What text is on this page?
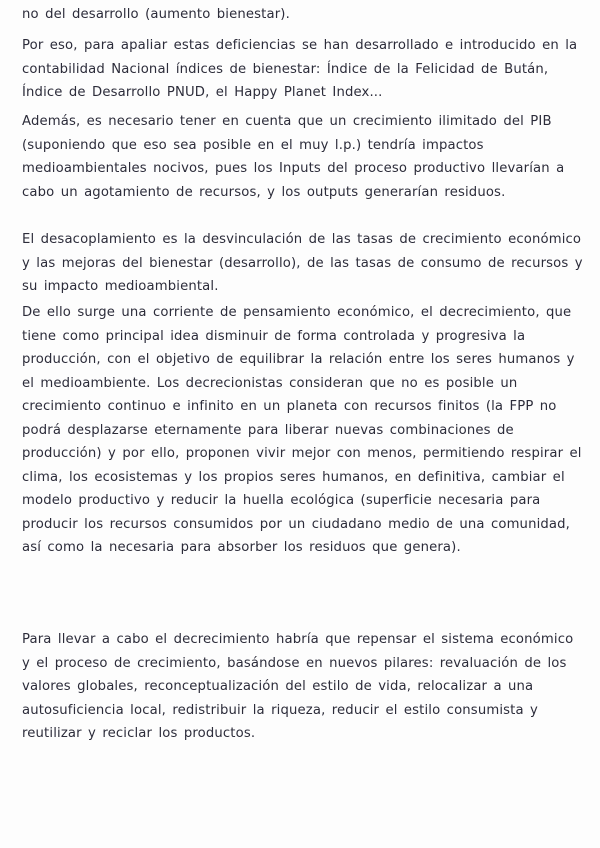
no del desarrollo (aumento bienestar).

Por eso, para apaliar estas deficiencias se han desarrollado e introducido en la contabilidad Nacional índices de bienestar: Índice de la Felicidad de Bután, Índice de Desarrollo PNUD, el Happy Planet Index...

Además, es necesario tener en cuenta que un crecimiento ilimitado del PIB (suponiendo que eso sea posible en el muy l.p.) tendría impactos medioambientales nocivos, pues los Inputs del proceso productivo llevarían a cabo un agotamiento de recursos, y los outputs generarían residuos.

El desacoplamiento es la desvinculación de las tasas de crecimiento económico y las mejoras del bienestar (desarrollo), de las tasas de consumo de recursos y su impacto medioambiental.

De ello surge una corriente de pensamiento económico, el decrecimiento, que tiene como principal idea disminuir de forma controlada y progresiva la producción, con el objetivo de equilibrar la relación entre los seres humanos y el medioambiente. Los decrecionistas consideran que no es posible un crecimiento continuo e infinito en un planeta con recursos finitos (la FPP no podrá desplazarse eternamente para liberar nuevas combinaciones de producción) y por ello, proponen vivir mejor con menos, permitiendo respirar el clima, los ecosistemas y los propios seres humanos, en definitiva, cambiar el modelo productivo y reducir la huella ecológica (superficie necesaria para producir los recursos consumidos por un ciudadano medio de una comunidad, así como la necesaria para absorber los residuos que genera).

Para llevar a cabo el decrecimiento habría que repensar el sistema económico y el proceso de crecimiento, basándose en nuevos pilares: revaluación de los valores globales, reconceptualización del estilo de vida, relocalizar a una autosuficiencia local, redistribuir la riqueza, reducir el estilo consumista y reutilizar y reciclar los productos.
